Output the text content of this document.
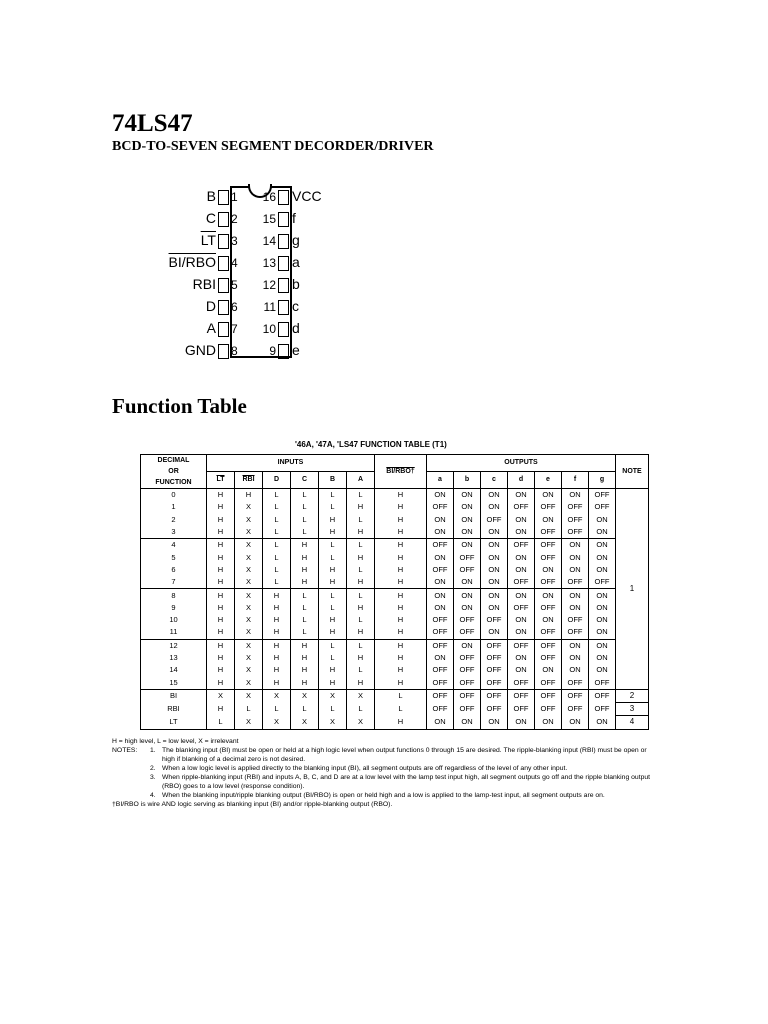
74LS47
BCD-TO-SEVEN SEGMENT DECORDER/DRIVER
B 1
C 2
$\overline{LT}$ 3
BI/RBO 4
RBI 5
D 6
A 7
GND 8
16 VCC
15 f
14 g
13 a
12 b
11 c
10 d
9 e
Function Table
'46A, '47A, 'LS47 FUNCTION TABLE (T1)
DECIMAL
OR
FUNCTION	INPUTS						BI/RBO†	OUTPUTS							NOTE
	$\overline{LT}$	$\overline{RBI}$	D	C	B	A		a	b	c	d	e	f	g	
0	H	H	L	L	L	L	H	ON	ON	ON	ON	ON	ON	OFF	1
1	H	X	L	L	L	H	H	OFF	ON	ON	OFF	OFF	OFF	OFF	
2	H	X	L	L	H	L	H	ON	ON	OFF	ON	ON	OFF	ON	
3	H	X	L	L	H	H	H	ON	ON	ON	ON	OFF	OFF	ON	
4	H	X	L	H	L	L	H	OFF	ON	ON	OFF	OFF	ON	ON	
5	H	X	L	H	L	H	H	ON	OFF	ON	ON	OFF	ON	ON	
6	H	X	L	H	H	L	H	OFF	OFF	ON	ON	ON	ON	ON	
7	H	X	L	H	H	H	H	ON	ON	ON	OFF	OFF	OFF	OFF	
8	H	X	H	L	L	L	H	ON	ON	ON	ON	ON	ON	ON	
9	H	X	H	L	L	H	H	ON	ON	ON	OFF	OFF	ON	ON	
10	H	X	H	L	H	L	H	OFF	OFF	OFF	ON	ON	OFF	ON	
11	H	X	H	L	H	H	H	OFF	OFF	ON	ON	OFF	OFF	ON	
12	H	X	H	H	L	L	H	OFF	ON	OFF	OFF	OFF	ON	ON	
13	H	X	H	H	L	H	H	ON	OFF	OFF	ON	OFF	ON	ON	
14	H	X	H	H	H	L	H	OFF	OFF	OFF	ON	ON	ON	ON	
15	H	X	H	H	H	H	H	OFF	OFF	OFF	OFF	OFF	OFF	OFF	
BI	X	X	X	X	X	X	L	OFF	OFF	OFF	OFF	OFF	OFF	OFF	2
RBI	H	L	L	L	L	L	L	OFF	OFF	OFF	OFF	OFF	OFF	OFF	3
LT	L	X	X	X	X	X	H	ON	ON	ON	ON	ON	ON	ON	4
H = high level, L = low level, X = irrelevant
NOTES:	1. The blanking input (BI) must be open or held at a high logic level when output functions 0 through 15 are desired. The ripple-blanking input (RBI) must be open or high if blanking of a decimal zero is not desired.
2. When a low logic level is applied directly to the blanking input (BI), all segment outputs are off regardless of the level of any other input.
3. When ripple-blanking input (RBI) and inputs A, B, C, and D are at a low level with the lamp test input high, all segment outputs go off and the ripple blanking output (RBO) goes to a low level (response condition).
4. When the blanking input/ripple blanking output (BI/RBO) is open or held high and a low is applied to the lamp-test input, all segment outputs are on.
†BI/RBO is wire AND logic serving as blanking input (BI) and/or ripple-blanking output (RBO).
